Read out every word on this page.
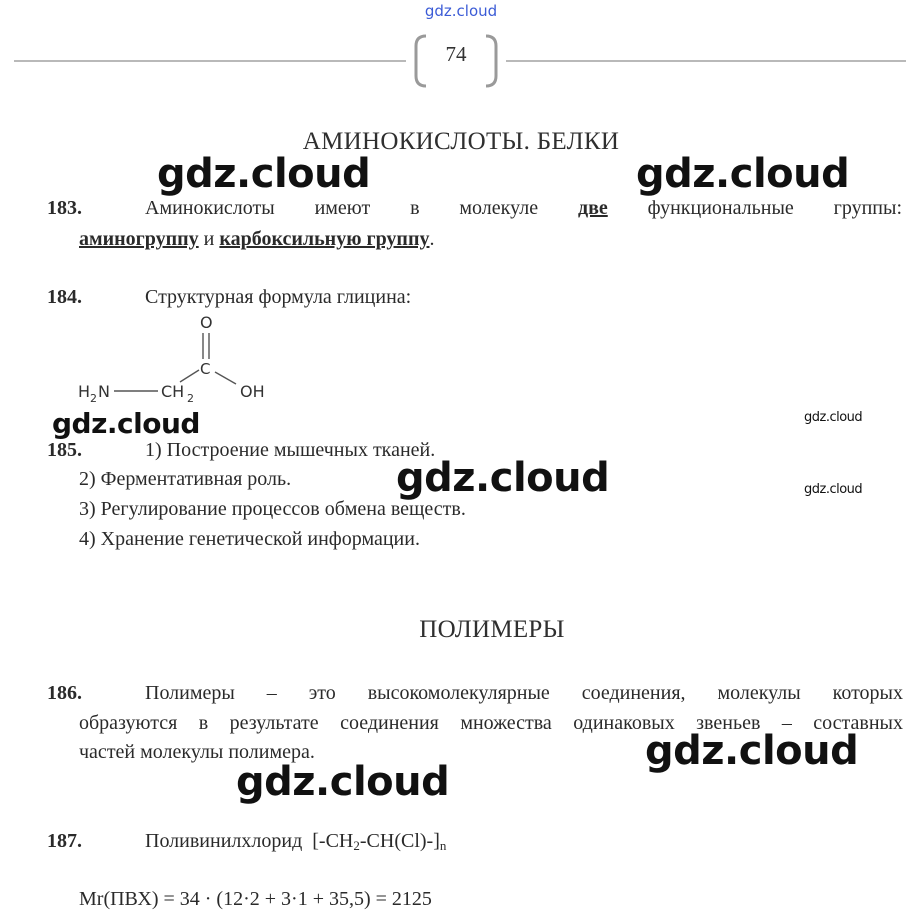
gdz.cloud
74
АМИНОКИСЛОТЫ. БЕЛКИ
183.	Аминокислоты имеют в молекуле две функциональные группы:
аминогруппу и карбоксильную группу.
184.	Структурная формула глицина:
O
C
H 2 N	CH 2	OH
185.	1) Построение мышечных тканей.
2) Ферментативная роль.
3) Регулирование процессов обмена веществ.
4) Хранение генетической информации.
ПОЛИМЕРЫ
186.	Полимеры – это высокомолекулярные соединения, молекулы которых
образуются в результате соединения множества одинаковых звеньев – составных
частей молекулы полимера.
187.	Поливинилхлорид $[-CH_2-CH(Cl)-]_n$
Mr(ПВХ) = 34 · (12·2 + 3·1 + 35,5) = 2125
gdz.cloud	gdz.cloud
gdz.cloud	gdz.cloud
gdz.cloud	gdz.cloud
gdz.cloud
gdz.cloud
